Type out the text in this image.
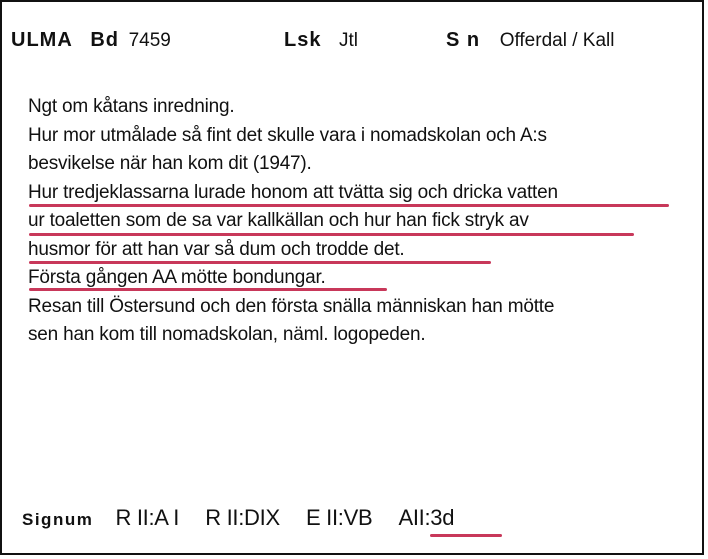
ULMA Bd 7459	Lsk Jtl	S n Offerdal / Kall
Ngt om kåtans inredning.
Hur mor utmålade så fint det skulle vara i nomadskolan och A:s
besvikelse när han kom dit (1947).
Hur tredjeklassarna lurade honom att tvätta sig och dricka vatten
ur toaletten som de sa var kallkällan och hur han fick stryk av
husmor för att han var så dum och trodde det.
Första gången AA mötte bondungar.
Resan till Östersund och den första snälla människan han mötte
sen han kom till nomadskolan, näml. logopeden.
Signum R II:A I R II:DIX E II:VB AII:3d
